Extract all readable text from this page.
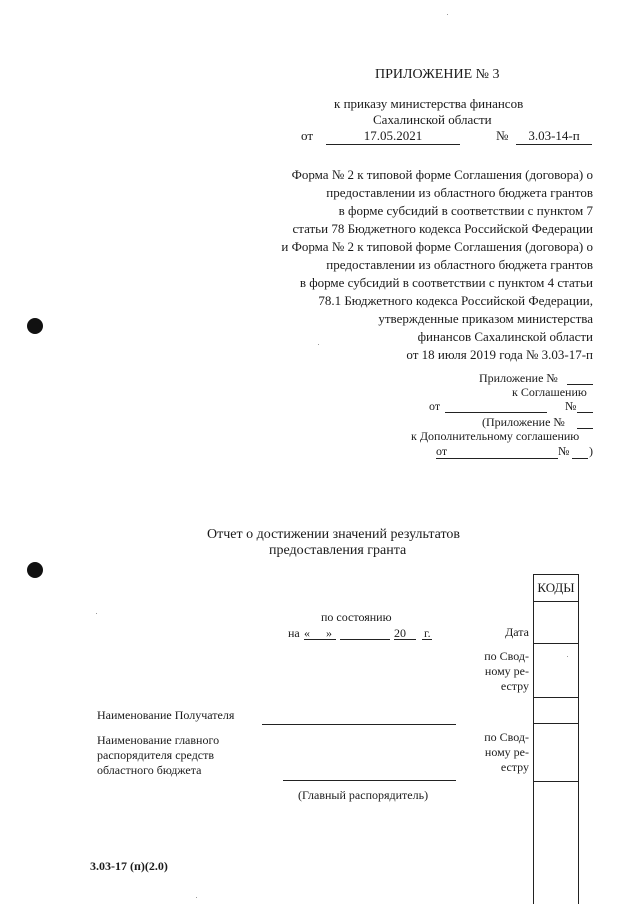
ПРИЛОЖЕНИЕ № 3
к приказу министерства финансов
Сахалинской области
от	17.05.2021	№	3.03-14-п
Форма № 2 к типовой форме Соглашения (договора) о
предоставлении из областного бюджета грантов
в форме субсидий в соответствии с пунктом 7
статьи 78 Бюджетного кодекса Российской Федерации
и Форма № 2 к типовой форме Соглашения (договора) о
предоставлении из областного бюджета грантов
в форме субсидий в соответствии с пунктом 4 статьи
78.1 Бюджетного кодекса Российской Федерации,
утвержденные приказом министерства
финансов Сахалинской области
от 18 июля 2019 года № 3.03-17-п
Приложение №
к Соглашению
от	№
(Приложение №
к Дополнительному соглашению
от	№ )
Отчет о достижении значений результатов
предоставления гранта
по состоянию
на « »	20 г.
КОДЫ
Дата
по Свод-
ному ре-
естру
по Свод-
ному ре-
естру
Наименование Получателя
Наименование главного
распорядителя средств
областного бюджета
(Главный распорядитель)
3.03-17 (п)(2.0)
